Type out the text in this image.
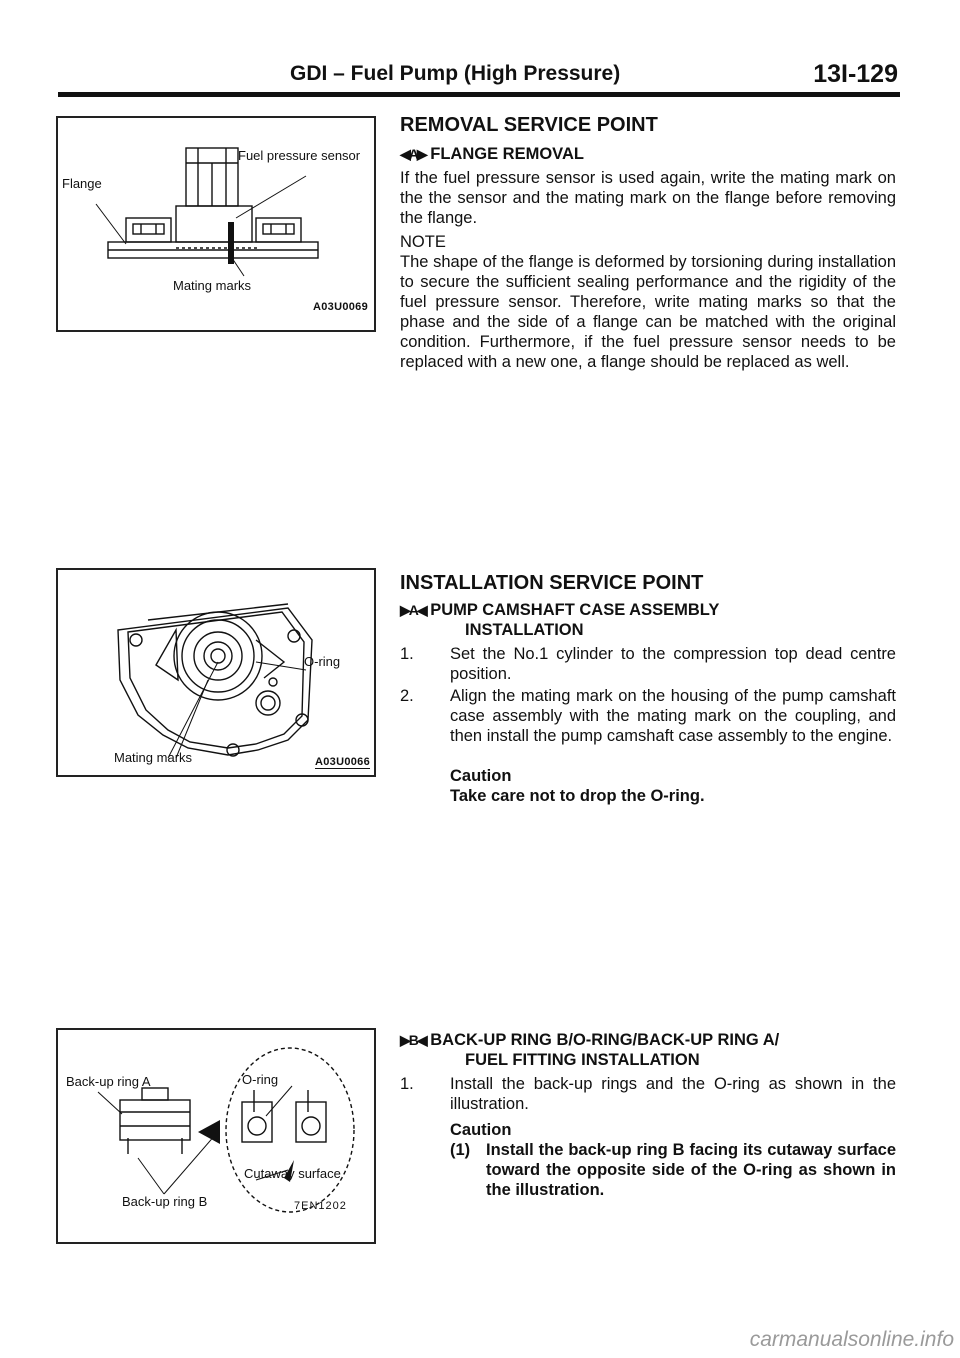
GDI – Fuel Pump (High Pressure)	13I-129
Flange
Fuel pressure sensor
Mating marks
A03U0069
REMOVAL SERVICE POINT
◀A▶ FLANGE REMOVAL

If the fuel pressure sensor is used again, write the mating mark on the the sensor and the mating mark on the flange before removing the flange.

NOTE

The shape of the flange is deformed by torsioning during installation to secure the sufficient sealing performance and the rigidity of the fuel pressure sensor. Therefore, write mating marks so that the phase and the side of a flange can be matched with the original condition. Furthermore, if the fuel pressure sensor needs to be replaced with a new one, a flange should be replaced as well.

O-ring
Mating marks	A03U0066
INSTALLATION SERVICE POINT
▶A◀ PUMP CAMSHAFT CASE ASSEMBLY
INSTALLATION
1. Set the No.1 cylinder to the compression top dead centre position.
2. Align the mating mark on the housing of the pump camshaft case assembly with the mating mark on the coupling, and then install the pump camshaft case assembly to the engine.
Caution
Take care not to drop the O-ring.
Back-up ring A	O-ring
Cutaway surface
Back-up ring B	7EN1202
▶B◀ BACK-UP RING B/O-RING/BACK-UP RING A/
FUEL FITTING INSTALLATION
1. Install the back-up rings and the O-ring as shown in the illustration.
Caution
(1) Install the back-up ring B facing its cutaway surface toward the opposite side of the O-ring as shown in the illustration.
carmanualsonline.info
